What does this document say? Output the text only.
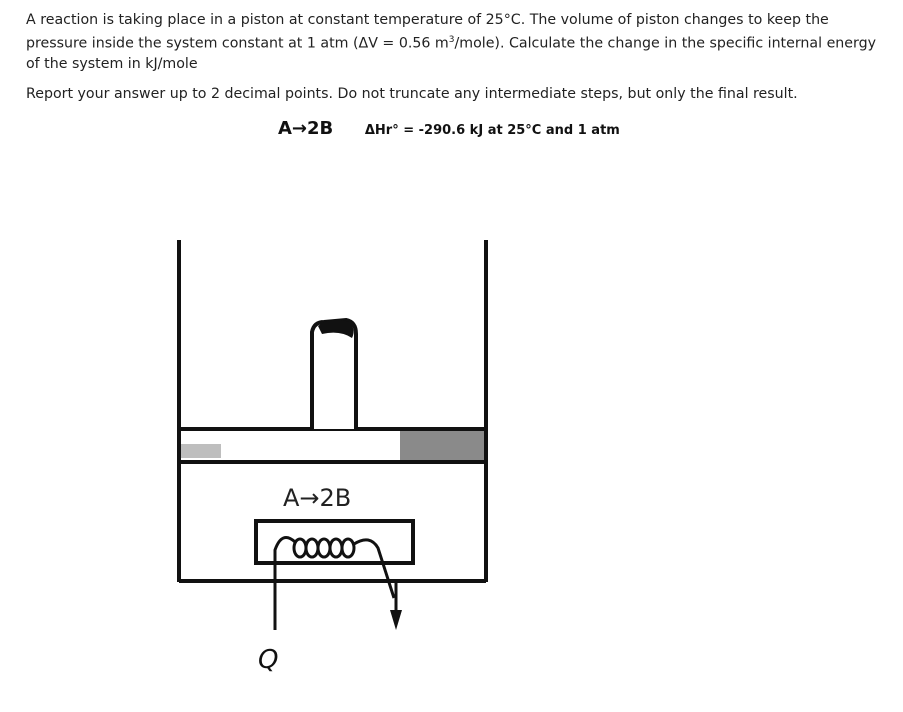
A reaction is taking place in a piston at constant temperature of 25°C. The volume of piston changes to keep the pressure inside the system constant at 1 atm (ΔV = 0.56 $m^3/mole$). Calculate the change in the specific internal energy of the system in kJ/mole

Report your answer up to 2 decimal points. Do not truncate any intermediate steps, but only the final result.
A→2B ΔHr° = -290.6 kJ at 25°C and 1 atm
A→2B
Q
